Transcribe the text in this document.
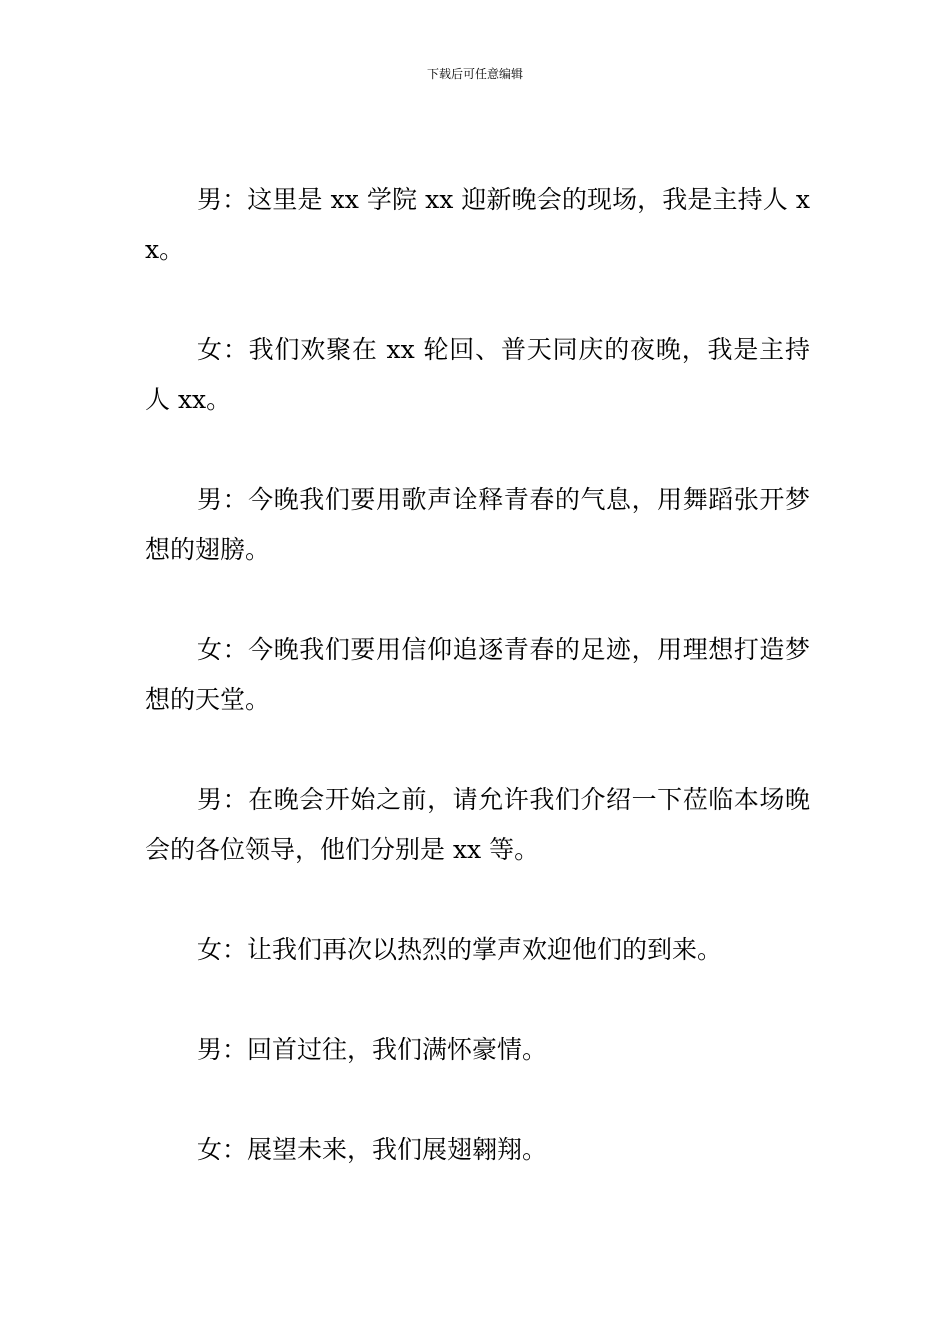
下载后可任意编辑

男：这里是 xx 学院 xx 迎新晚会的现场，我是主持人 xx。

女：我们欢聚在 xx 轮回、普天同庆的夜晚，我是主持人 xx。

男：今晚我们要用歌声诠释青春的气息，用舞蹈张开梦想的翅膀。

女：今晚我们要用信仰追逐青春的足迹，用理想打造梦想的天堂。

男：在晚会开始之前，请允许我们介绍一下莅临本场晚会的各位领导，他们分别是 xx 等。

女：让我们再次以热烈的掌声欢迎他们的到来。

男：回首过往，我们满怀豪情。

女：展望未来，我们展翅翱翔。
